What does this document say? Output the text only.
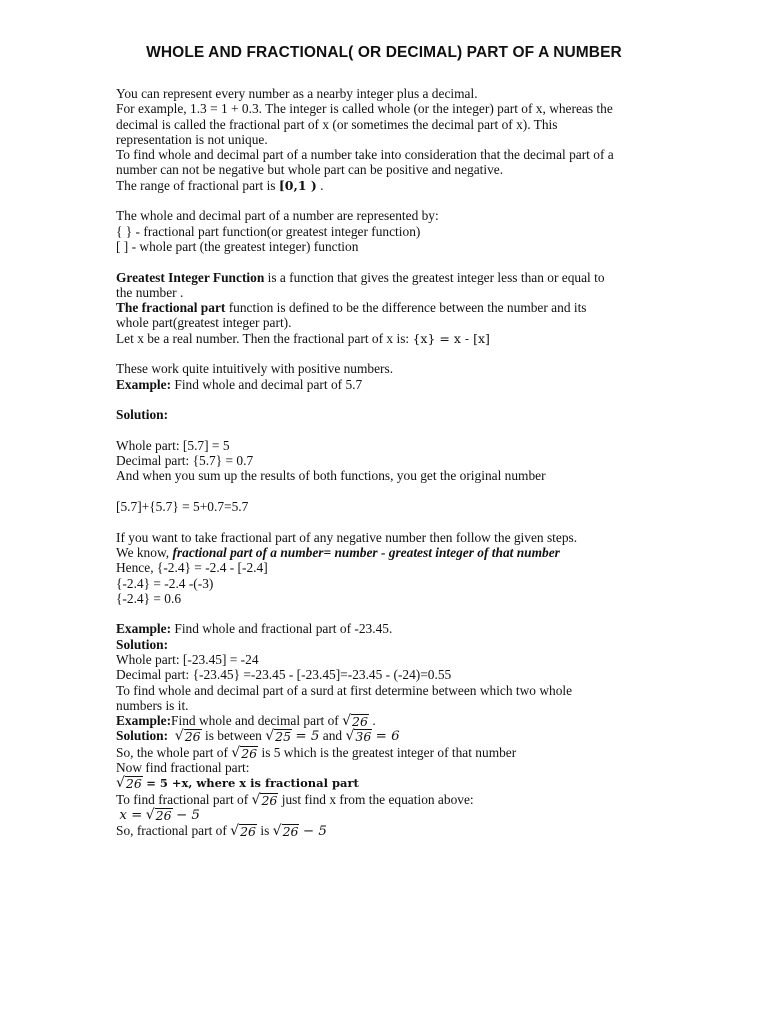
WHOLE AND FRACTIONAL( OR DECIMAL) PART OF A NUMBER
You can represent every number as a nearby integer plus a decimal.
For example, 1.3 = 1 + 0.3. The integer is called whole (or the integer) part of x, whereas the
decimal is called the fractional part of x (or sometimes the decimal part of x). This
representation is not unique.
To find whole and decimal part of a number take into consideration that the decimal part of a
number can not be negative but whole part can be positive and negative.
The range of fractional part is [0,1 ) .
The whole and decimal part of a number are represented by:
{ } - fractional part function(or greatest integer function)
[ ] - whole part (the greatest integer) function
Greatest Integer Function is a function that gives the greatest integer less than or equal to
the number .
The fractional part function is defined to be the difference between the number and its
whole part(greatest integer part).
Let x be a real number. Then the fractional part of x is: {x} = x - [x]
These work quite intuitively with positive numbers.
Example: Find whole and decimal part of 5.7
Solution:
Whole part: [5.7] = 5
Decimal part: {5.7} = 0.7
And when you sum up the results of both functions, you get the original number
[5.7]+{5.7} = 5+0.7=5.7
If you want to take fractional part of any negative number then follow the given steps.
We know, fractional part of a number= number - greatest integer of that number
Hence, {-2.4} = -2.4 - [-2.4]
{-2.4} = -2.4 -(-3)
{-2.4} = 0.6
Example: Find whole and fractional part of -23.45.
Solution:
Whole part: [-23.45] = -24
Decimal part: {-23.45} =-23.45 - [-23.45]=-23.45 - (-24)=0.55
To find whole and decimal part of a surd at first determine between which two whole
numbers is it.
Example: Find whole and decimal part of
√ 26
.
Solution:
√ 26
is between
√ 25
= 5
and
√ 36
= 6
So, the whole part of
√ 26
is 5 which is the greatest integer of that number
Now find fractional part:
√ 26
= 5 +x, where x is fractional part
To find fractional part of
√ 26
just find x from the equation above:

x =
√ 26
− 5
So, fractional part of
√ 26
is
√ 26
− 5
